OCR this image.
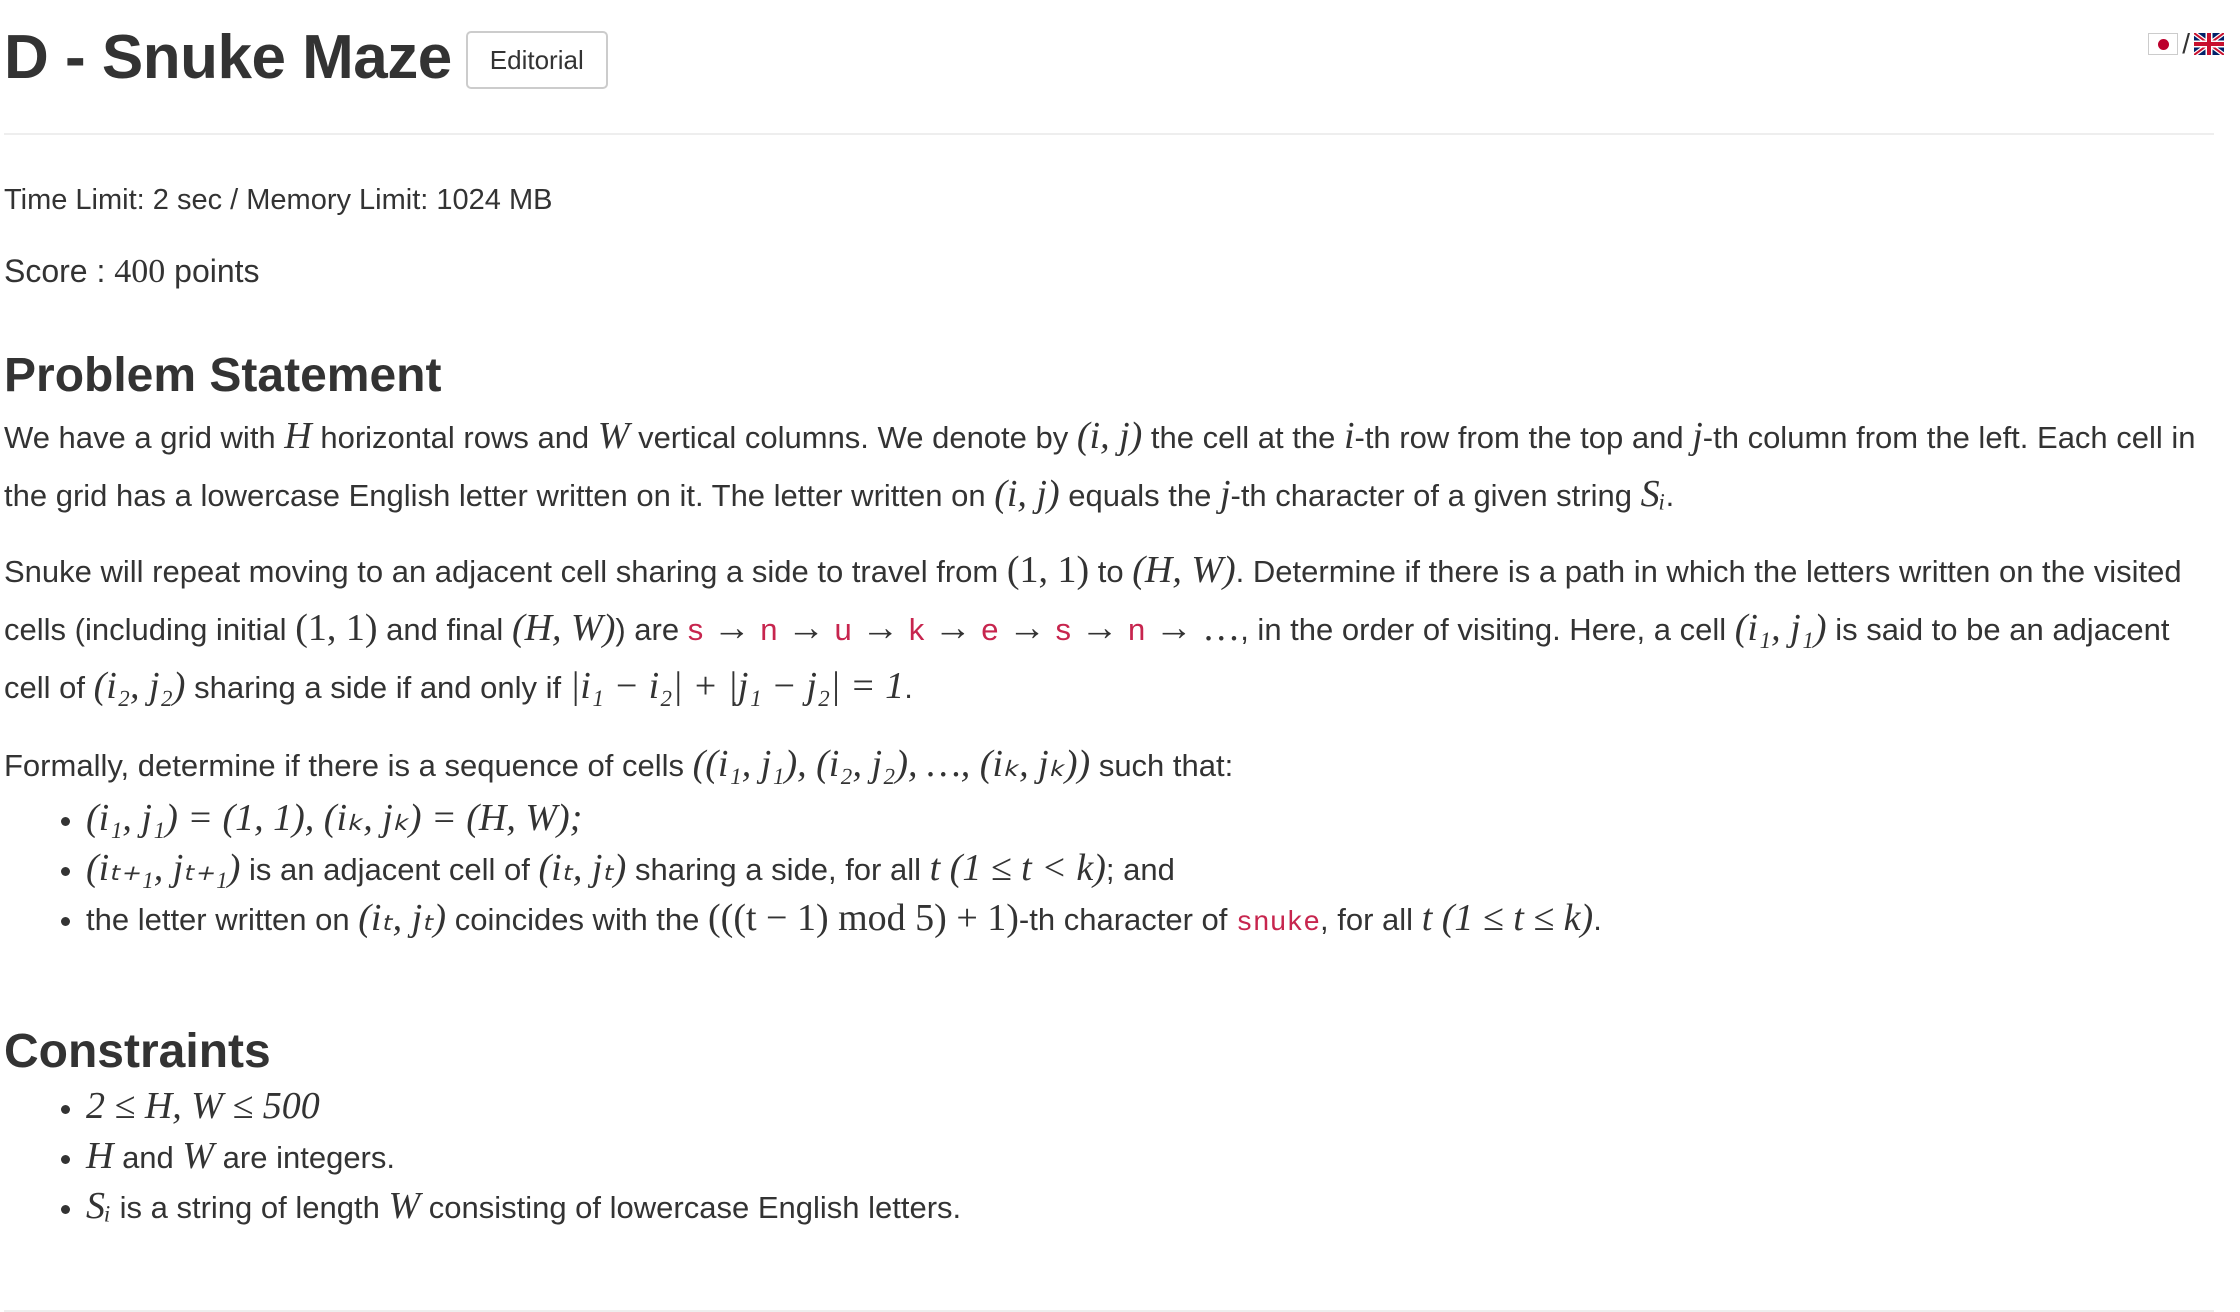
D - Snuke Maze	Editorial
/
Time Limit: 2 sec / Memory Limit: 1024 MB
Score : 400 points
Problem Statement

We have a grid with H horizontal rows and W vertical columns. We denote by (i, j) the cell at the i-th row from the top and j-th column from the left. Each cell in the grid has a lowercase English letter written on it. The letter written on (i, j) equals the j-th character of a given string Sᵢ.

Snuke will repeat moving to an adjacent cell sharing a side to travel from (1, 1) to (H, W). Determine if there is a path in which the letters written on the visited cells (including initial (1, 1) and final (H, W)) are s → n → u → k → e → s → n → …, in the order of visiting. Here, a cell (i₁, j₁) is said to be an adjacent cell of (i₂, j₂) sharing a side if and only if |i₁ − i₂| + |j₁ − j₂| = 1.

Formally, determine if there is a sequence of cells ((i₁, j₁), (i₂, j₂), …, (iₖ, jₖ)) such that:

• (i₁, j₁) = (1, 1), (iₖ, jₖ) = (H, W);
• (iₜ₊₁, jₜ₊₁) is an adjacent cell of (iₜ, jₜ) sharing a side, for all t (1 ≤ t < k); and
• the letter written on (iₜ, jₜ) coincides with the (((t − 1) mod 5) + 1)-th character of snuke, for all t (1 ≤ t ≤ k).
Constraints
• 2 ≤ H, W ≤ 500
• H and W are integers.
• Sᵢ is a string of length W consisting of lowercase English letters.
